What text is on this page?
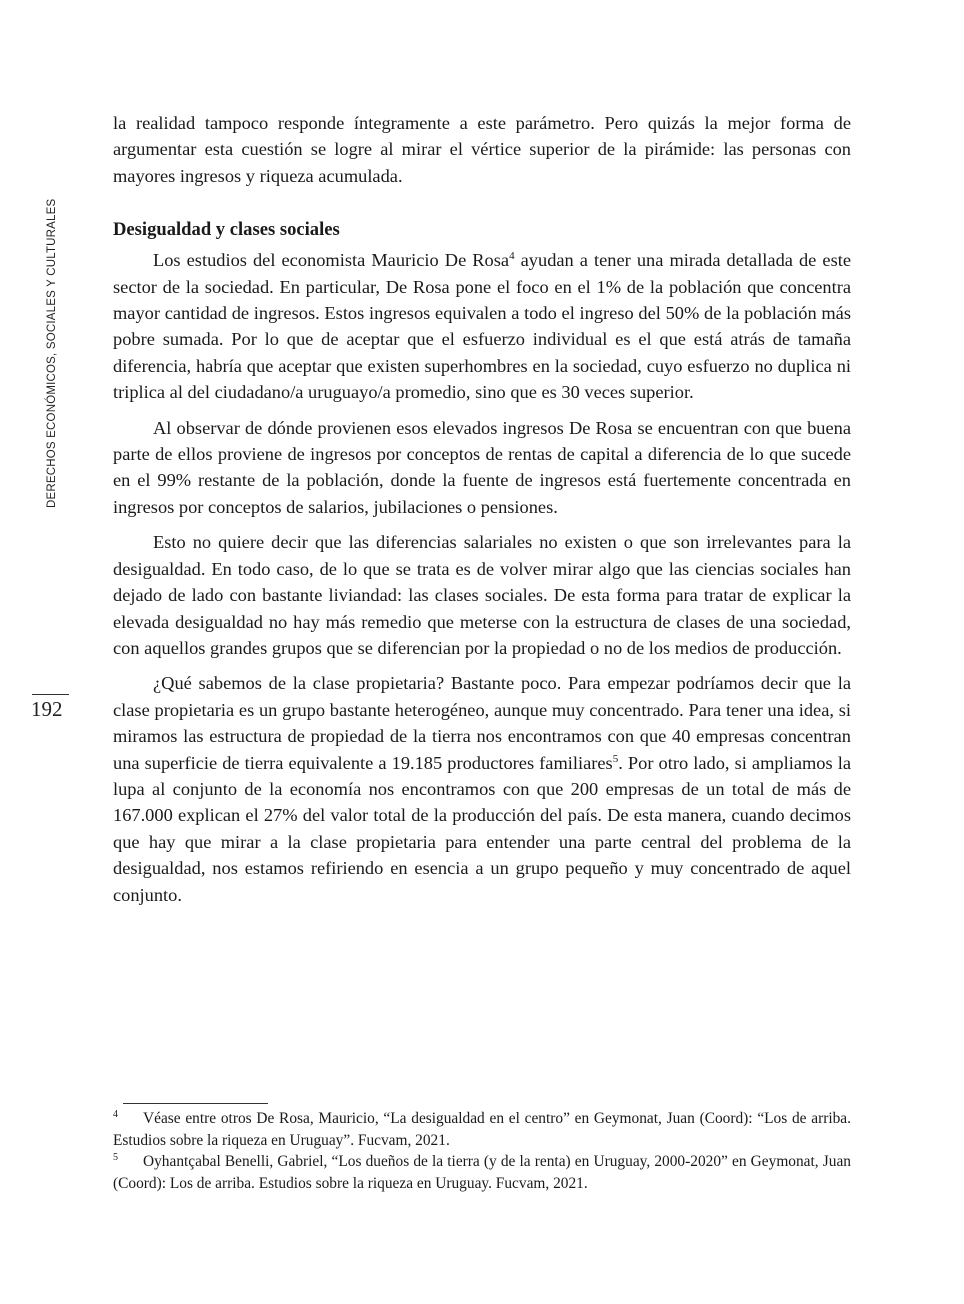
DERECHOS ECONÓMICOS, SOCIALES Y CULTURALES
192

la realidad tampoco responde íntegramente a este parámetro. Pero quizás la mejor forma de argumentar esta cuestión se logre al mirar el vértice superior de la pirámide: las personas con mayores ingresos y riqueza acumulada.

Desigualdad y clases sociales

Los estudios del economista Mauricio De Rosa$^4$ ayudan a tener una mirada detallada de este sector de la sociedad. En particular, De Rosa pone el foco en el 1% de la población que concentra mayor cantidad de ingresos. Estos ingresos equivalen a todo el ingreso del 50% de la población más pobre sumada. Por lo que de aceptar que el esfuerzo individual es el que está atrás de tamaña diferencia, habría que aceptar que existen superhombres en la sociedad, cuyo esfuerzo no duplica ni triplica al del ciudadano/a uruguayo/a promedio, sino que es 30 veces superior.

Al observar de dónde provienen esos elevados ingresos De Rosa se encuentran con que buena parte de ellos proviene de ingresos por conceptos de rentas de capital a diferencia de lo que sucede en el 99% restante de la población, donde la fuente de ingresos está fuertemente concentrada en ingresos por conceptos de salarios, jubilaciones o pensiones.

Esto no quiere decir que las diferencias salariales no existen o que son irrelevantes para la desigualdad. En todo caso, de lo que se trata es de volver mirar algo que las ciencias sociales han dejado de lado con bastante liviandad: las clases sociales. De esta forma para tratar de explicar la elevada desigualdad no hay más remedio que meterse con la estructura de clases de una sociedad, con aquellos grandes grupos que se diferencian por la propiedad o no de los medios de producción.

¿Qué sabemos de la clase propietaria? Bastante poco. Para empezar podríamos decir que la clase propietaria es un grupo bastante heterogéneo, aunque muy concentrado. Para tener una idea, si miramos las estructura de propiedad de la tierra nos encontramos con que 40 empresas concentran una superficie de tierra equivalente a 19.185 productores familiares$^5$. Por otro lado, si ampliamos la lupa al conjunto de la economía nos encontramos con que 200 empresas de un total de más de 167.000 explican el 27% del valor total de la producción del país. De esta manera, cuando decimos que hay que mirar a la clase propietaria para entender una parte central del problema de la desigualdad, nos estamos refiriendo en esencia a un grupo pequeño y muy concentrado de aquel conjunto.

4 Véase entre otros De Rosa, Mauricio, “La desigualdad en el centro” en Geymonat, Juan (Coord): “Los de arriba. Estudios sobre la riqueza en Uruguay”. Fucvam, 2021.

5 Oyhantçabal Benelli, Gabriel, “Los dueños de la tierra (y de la renta) en Uruguay, 2000-2020” en Geymonat, Juan (Coord): Los de arriba. Estudios sobre la riqueza en Uruguay. Fucvam, 2021.
